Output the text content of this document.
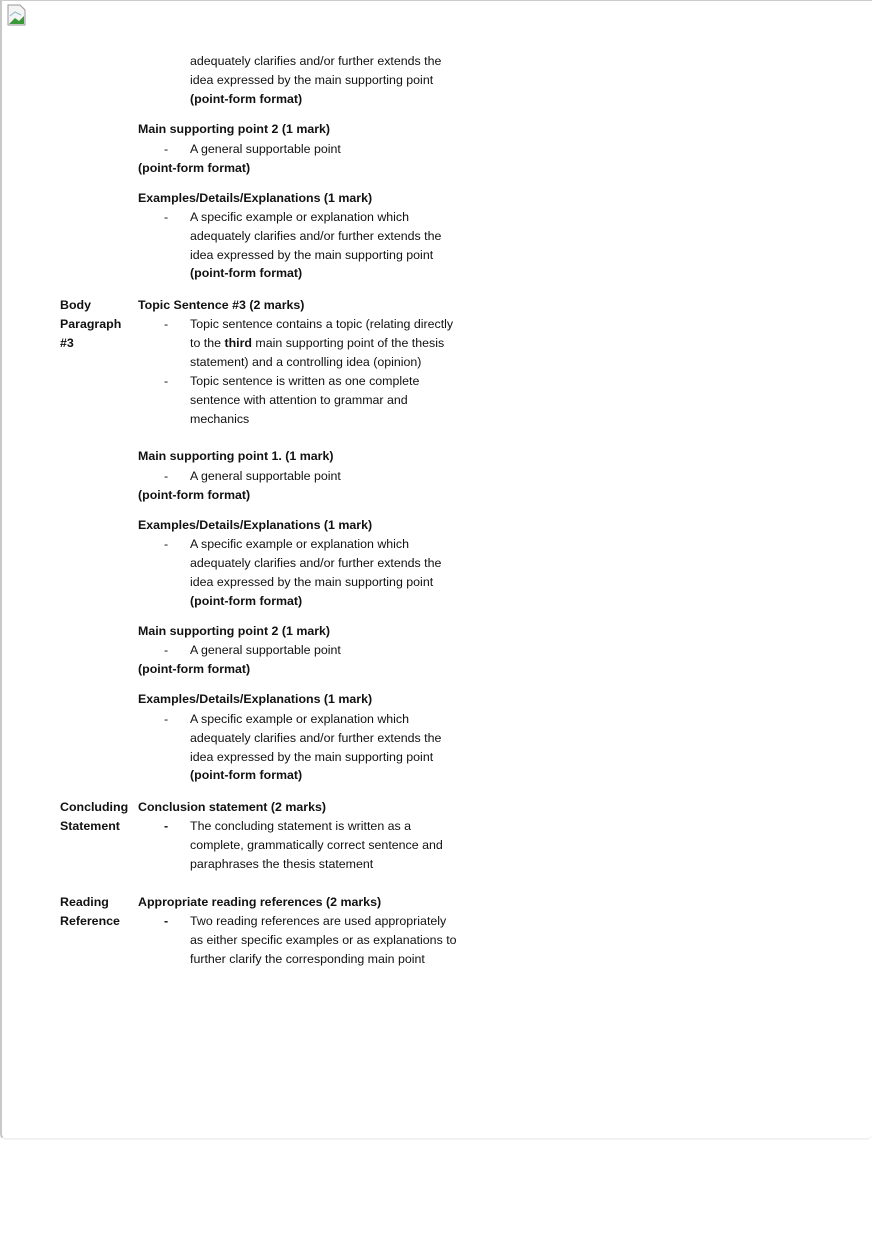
adequately clarifies and/or further extends the
idea expressed by the main supporting point
(point-form format)
Main supporting point 2 (1 mark)
- A general supportable point
(point-form format)
Examples/Details/Explanations (1 mark)
- A specific example or explanation which
adequately clarifies and/or further extends the
idea expressed by the main supporting point
(point-form format)
Body
Paragraph
#3
Topic Sentence #3 (2 marks)
- Topic sentence contains a topic (relating directly
to the third main supporting point of the thesis
statement) and a controlling idea (opinion)
- Topic sentence is written as one complete
sentence with attention to grammar and
mechanics
Main supporting point 1. (1 mark)
- A general supportable point
(point-form format)
Examples/Details/Explanations (1 mark)
- A specific example or explanation which
adequately clarifies and/or further extends the
idea expressed by the main supporting point
(point-form format)
Main supporting point 2 (1 mark)
- A general supportable point
(point-form format)
Examples/Details/Explanations (1 mark)
- A specific example or explanation which
adequately clarifies and/or further extends the
idea expressed by the main supporting point
(point-form format)
Concluding
Statement
Conclusion statement (2 marks)
- The concluding statement is written as a
complete, grammatically correct sentence and
paraphrases the thesis statement
Reading
Reference
Appropriate reading references (2 marks)
- Two reading references are used appropriately
as either specific examples or as explanations to
further clarify the corresponding main point
